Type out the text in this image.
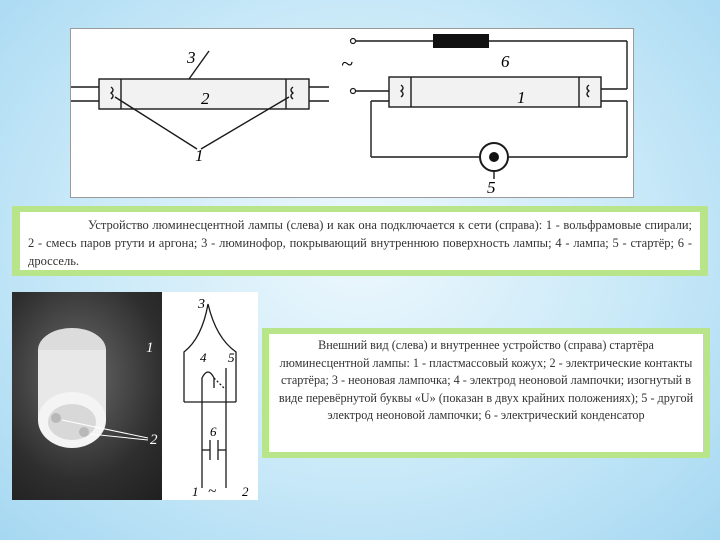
3
2
1
~	6
1
5
Устройство люминесцентной лампы (слева) и как она подключается к сети (справа): 1 - вольфрамовые спирали; 2 - смесь паров ртути и аргона; 3 - люминофор, покрывающий внутреннюю поверхность лампы; 4 - лампа; 5 - стартёр; 6 - дроссель.
1
2
3
4 5
6
1	2
~
Внешний вид (слева) и внутреннее устройство (справа) стартёра люминесцентной лампы: 1 - пластмассовый кожух; 2 - электрические контакты стартёра; 3 - неоновая лампочка; 4 - электрод неоновой лампочки; изогнутый в виде перевёрнутой буквы «U» (показан в двух крайних положениях); 5 - другой электрод неоновой лампочки; 6 - электрический конденсатор
